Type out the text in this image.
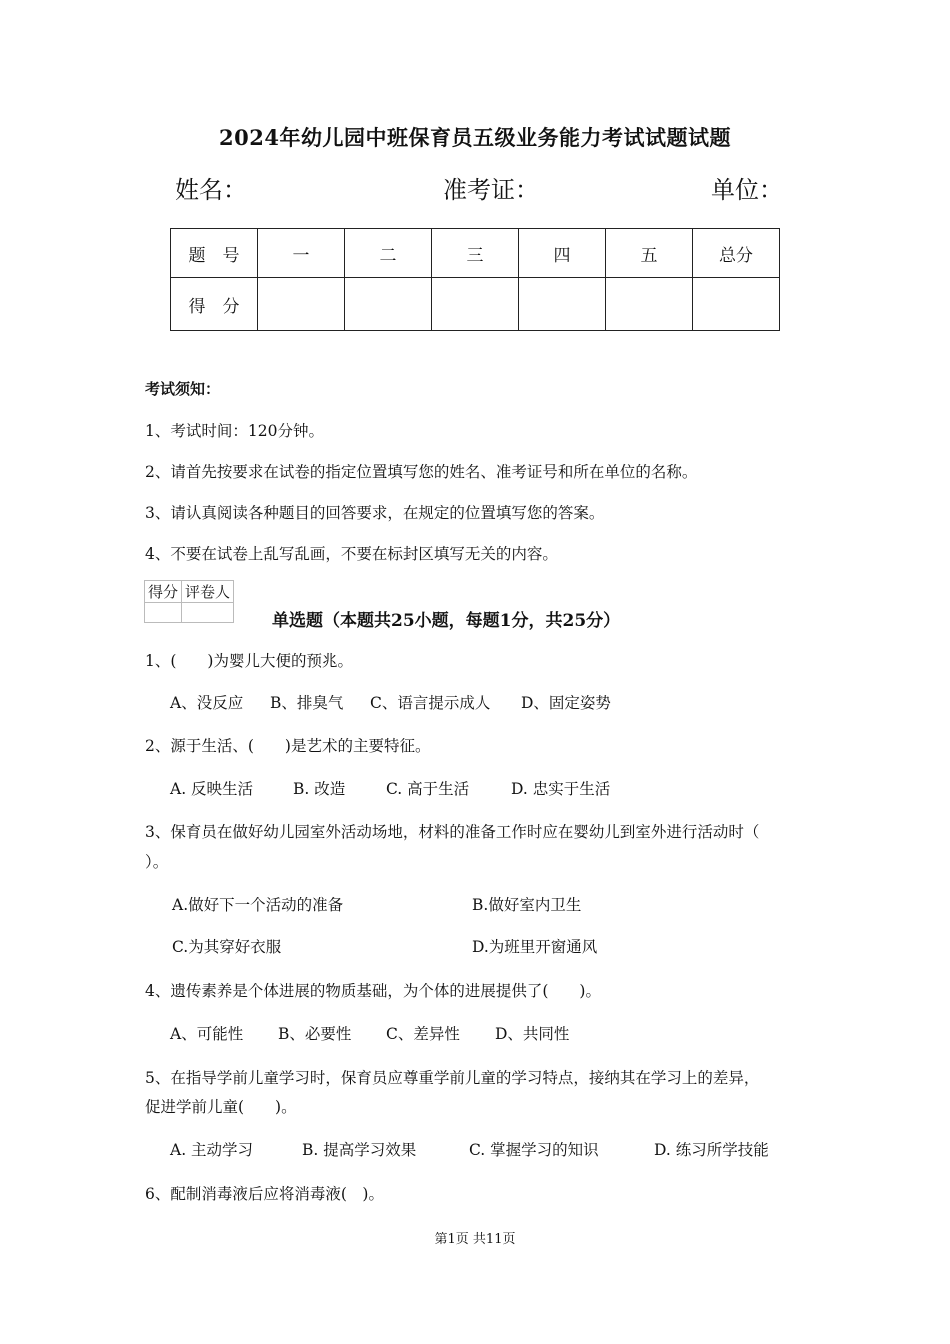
2024年幼儿园中班保育员五级业务能力考试试题试题
姓名：	准考证：	单位：
题　号	一	二	三	四	五	总分
得　分						
考试须知：
1、考试时间：120分钟。
2、请首先按要求在试卷的指定位置填写您的姓名、准考证号和所在单位的名称。
3、请认真阅读各种题目的回答要求，在规定的位置填写您的答案。
4、不要在试卷上乱写乱画，不要在标封区填写无关的内容。
得分	评卷人

单选题（本题共25小题，每题1分，共25分）
1、(　　)为婴儿大便的预兆。
A、没反应 B、排臭气 C、语言提示成人 D、固定姿势
2、源于生活、(　　)是艺术的主要特征。
A. 反映生活	B. 改造	C. 高于生活	D. 忠实于生活
3、保育员在做好幼儿园室外活动场地，材料的准备工作时应在婴幼儿到室外进行活动时（
）。
A.做好下一个活动的准备	B.做好室内卫生
C.为其穿好衣服	D.为班里开窗通风
4、遗传素养是个体进展的物质基础，为个体的进展提供了(　　)。
A、可能性 B、必要性 C、差异性 D、共同性
5、在指导学前儿童学习时，保育员应尊重学前儿童的学习特点，接纳其在学习上的差异，
促进学前儿童(　　)。
A. 主动学习	B. 提高学习效果	C. 掌握学习的知识	D. 练习所学技能
6、配制消毒液后应将消毒液(　)。
第1页 共11页
